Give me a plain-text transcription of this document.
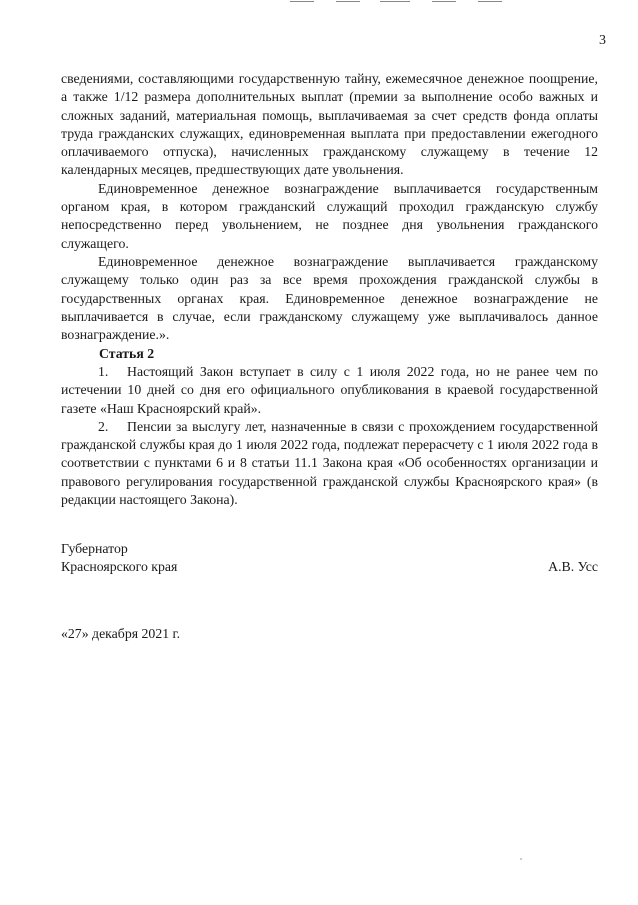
3

сведениями, составляющими государственную тайну, ежемесячное денежное поощрение, а также 1/12 размера дополнительных выплат (премии за выполнение особо важных и сложных заданий, материальная помощь, выплачиваемая за счет средств фонда оплаты труда гражданских служащих, единовременная выплата при предоставлении ежегодного оплачиваемого отпуска), начисленных гражданскому служащему в течение 12 календарных месяцев, предшествующих дате увольнения.

Единовременное денежное вознаграждение выплачивается государственным органом края, в котором гражданский служащий проходил гражданскую службу непосредственно перед увольнением, не позднее дня увольнения гражданского служащего.

Единовременное денежное вознаграждение выплачивается гражданскому служащему только один раз за все время прохождения гражданской службы в государственных органах края. Единовременное денежное вознаграждение не выплачивается в случае, если гражданскому служащему уже выплачивалось данное вознаграждение.».

Статья 2

1. Настоящий Закон вступает в силу с 1 июля 2022 года, но не ранее чем по истечении 10 дней со дня его официального опубликования в краевой государственной газете «Наш Красноярский край».

2. Пенсии за выслугу лет, назначенные в связи с прохождением государственной гражданской службы края до 1 июля 2022 года, подлежат перерасчету с 1 июля 2022 года в соответствии с пунктами 6 и 8 статьи 11.1 Закона края «Об особенностях организации и правового регулирования государственной гражданской службы Красноярского края» (в редакции настоящего Закона).

Губернатор
Красноярского края	А.В. Усс
«27» декабря 2021 г.
